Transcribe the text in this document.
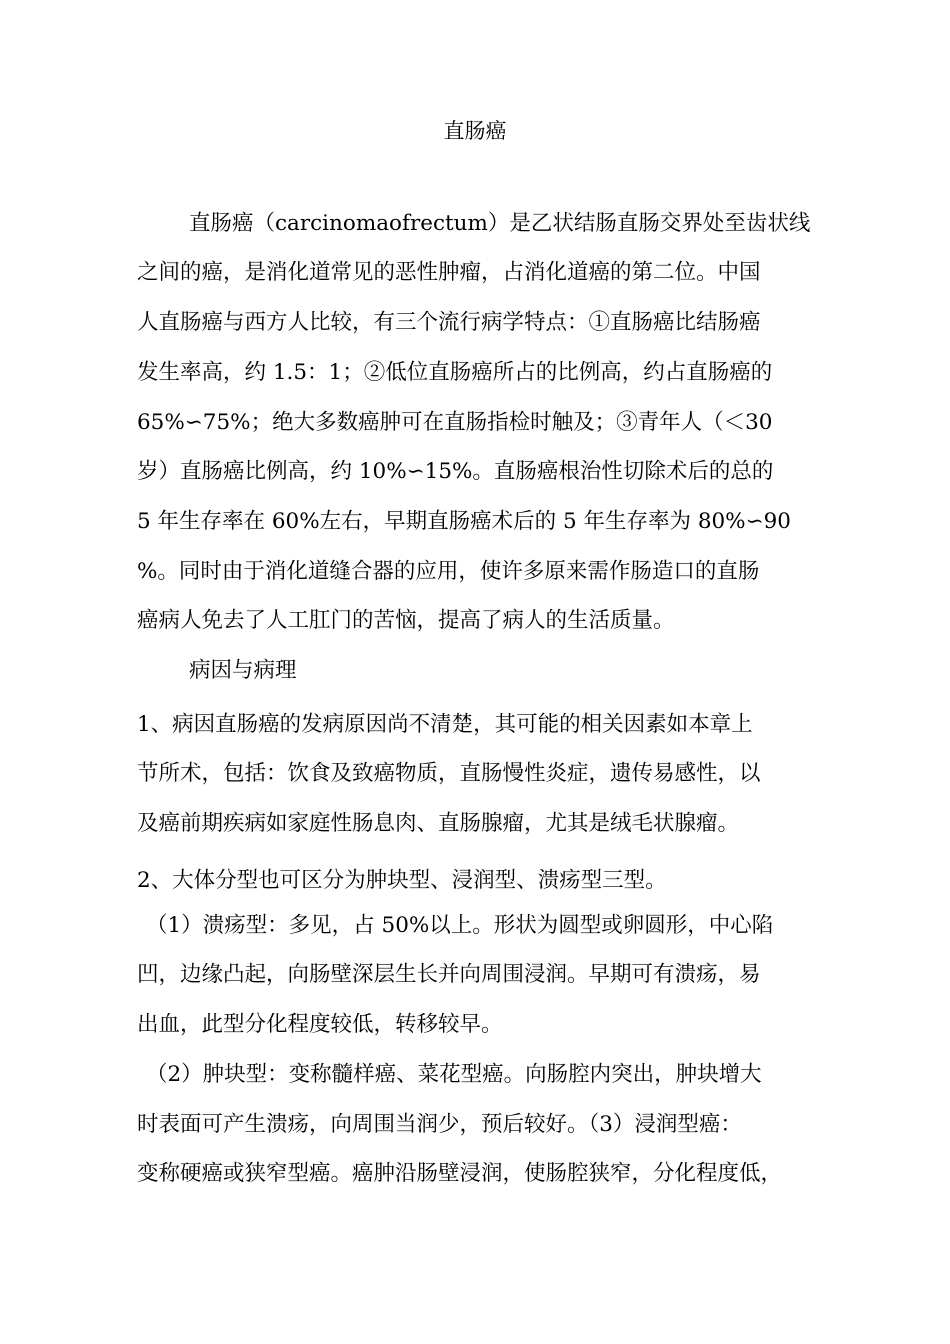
直肠癌
直肠癌（carcinomaofrectum）是乙状结肠直肠交界处至齿状线
之间的癌，是消化道常见的恶性肿瘤，占消化道癌的第二位。中国
人直肠癌与西方人比较，有三个流行病学特点：①直肠癌比结肠癌
发生率高，约 1.5：1；②低位直肠癌所占的比例高，约占直肠癌的
65%∽75%；绝大多数癌肿可在直肠指检时触及；③青年人（＜30
岁）直肠癌比例高，约 10%∽15%。直肠癌根治性切除术后的总的
5 年生存率在 60%左右，早期直肠癌术后的 5 年生存率为 80%∽90
%。同时由于消化道缝合器的应用，使许多原来需作肠造口的直肠
癌病人免去了人工肛门的苦恼，提高了病人的生活质量。
病因与病理
1、病因直肠癌的发病原因尚不清楚，其可能的相关因素如本章上
节所术，包括：饮食及致癌物质，直肠慢性炎症，遗传易感性，以
及癌前期疾病如家庭性肠息肉、直肠腺瘤，尤其是绒毛状腺瘤。
2、大体分型也可区分为肿块型、浸润型、溃疡型三型。
（1）溃疡型：多见，占 50%以上。形状为圆型或卵圆形，中心陷
凹，边缘凸起，向肠壁深层生长并向周围浸润。早期可有溃疡，易
出血，此型分化程度较低，转移较早。
（2）肿块型：变称髓样癌、菜花型癌。向肠腔内突出，肿块增大
时表面可产生溃疡，向周围当润少，预后较好。（3）浸润型癌：
变称硬癌或狭窄型癌。癌肿沿肠壁浸润，使肠腔狭窄，分化程度低，
